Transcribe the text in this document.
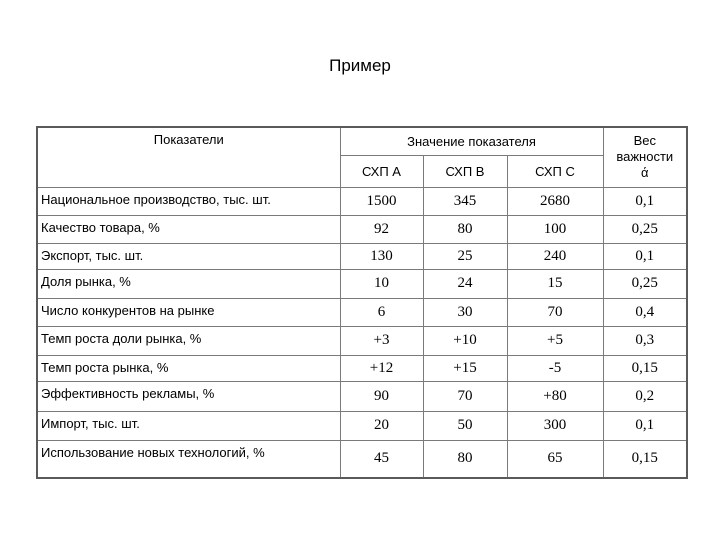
Пример
Показатели	Значение показателя			Вес
важности
ά
	СХП А	СХП В	СХП С	
Национальное производство, тыс. шт.	1500	345	2680	0,1
Качество товара, %	92	80	100	0,25
Экспорт, тыс. шт.	130	25	240	0,1
Доля рынка, %	10	24	15	0,25
Число конкурентов на рынке	6	30	70	0,4
Темп роста доли рынка, %	+3	+10	+5	0,3
Темп роста рынка, %	+12	+15	-5	0,15
Эффективность рекламы, %	90	70	+80	0,2
Импорт, тыс. шт.	20	50	300	0,1
Использование новых технологий, %	45	80	65	0,15
